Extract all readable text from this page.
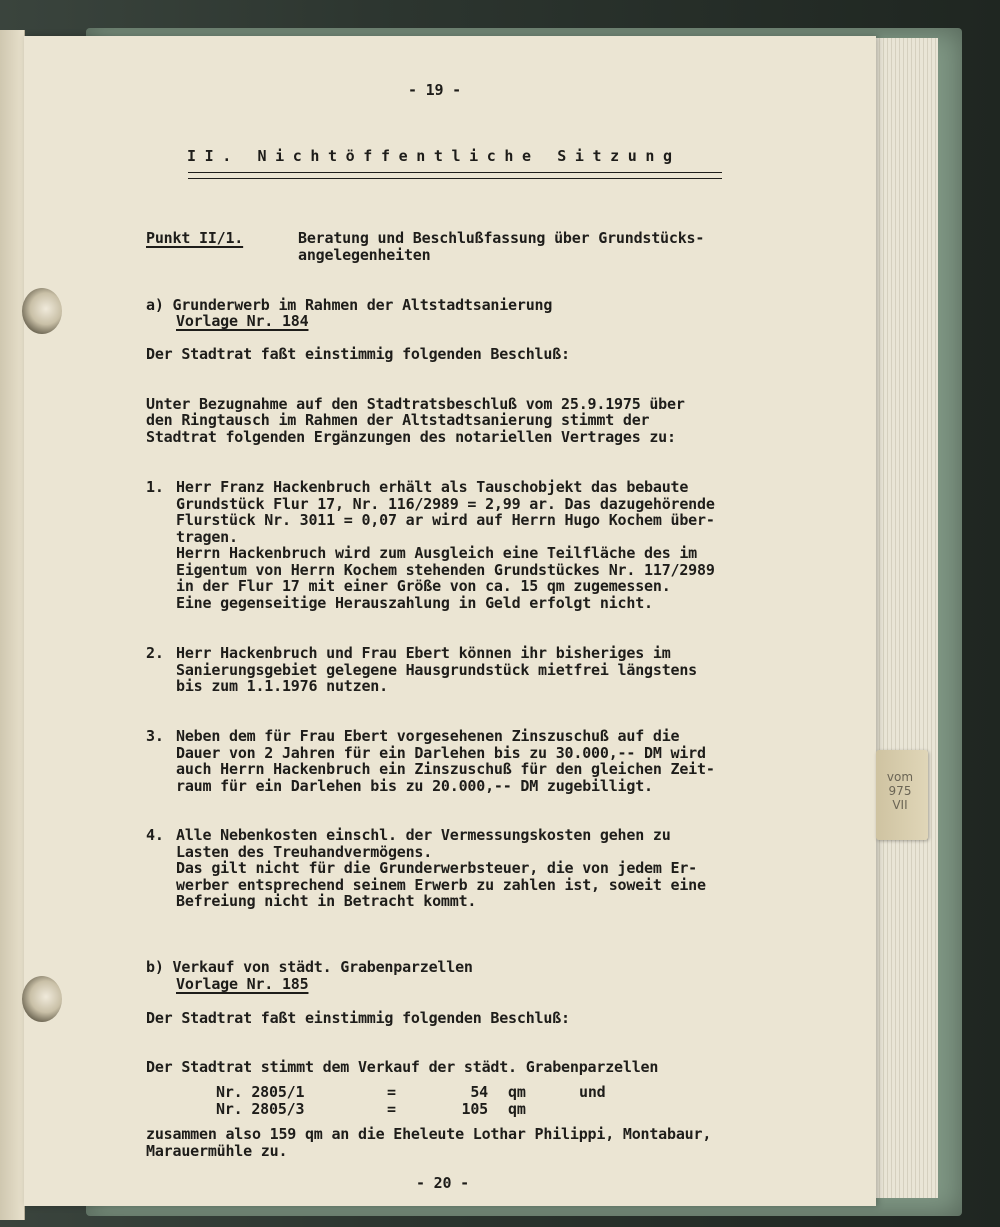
vom
975
VII

- 19 -

II. Nichtöffentliche Sitzung

Punkt II/1.	Beratung und Beschlußfassung über Grundstücks-

angelegenheiten

a) Grunderwerb im Rahmen der Altstadtsanierung

Vorlage Nr. 184

Der Stadtrat faßt einstimmig folgenden Beschluß:

Unter Bezugnahme auf den Stadtratsbeschluß vom 25.9.1975 über

den Ringtausch im Rahmen der Altstadtsanierung stimmt der

Stadtrat folgenden Ergänzungen des notariellen Vertrages zu:

1. Herr Franz Hackenbruch erhält als Tauschobjekt das bebaute

Grundstück Flur 17, Nr. 116/2989 = 2,99 ar. Das dazugehörende

Flurstück Nr. 3011 = 0,07 ar wird auf Herrn Hugo Kochem über-

tragen.

Herrn Hackenbruch wird zum Ausgleich eine Teilfläche des im

Eigentum von Herrn Kochem stehenden Grundstückes Nr. 117/2989

in der Flur 17 mit einer Größe von ca. 15 qm zugemessen.

Eine gegenseitige Herauszahlung in Geld erfolgt nicht.

2. Herr Hackenbruch und Frau Ebert können ihr bisheriges im

Sanierungsgebiet gelegene Hausgrundstück mietfrei längstens

bis zum 1.1.1976 nutzen.

3. Neben dem für Frau Ebert vorgesehenen Zinszuschuß auf die

Dauer von 2 Jahren für ein Darlehen bis zu 30.000,-- DM wird

auch Herrn Hackenbruch ein Zinszuschuß für den gleichen Zeit-

raum für ein Darlehen bis zu 20.000,-- DM zugebilligt.

4. Alle Nebenkosten einschl. der Vermessungskosten gehen zu

Lasten des Treuhandvermögens.

Das gilt nicht für die Grunderwerbsteuer, die von jedem Er-

werber entsprechend seinem Erwerb zu zahlen ist, soweit eine

Befreiung nicht in Betracht kommt.

b) Verkauf von städt. Grabenparzellen

Vorlage Nr. 185

Der Stadtrat faßt einstimmig folgenden Beschluß:

Der Stadtrat stimmt dem Verkauf der städt. Grabenparzellen

Nr. 2805/1	=	54 qm	und

Nr. 2805/3	=	105 qm

zusammen also 159 qm an die Eheleute Lothar Philippi, Montabaur,

Marauermühle zu.

- 20 -
